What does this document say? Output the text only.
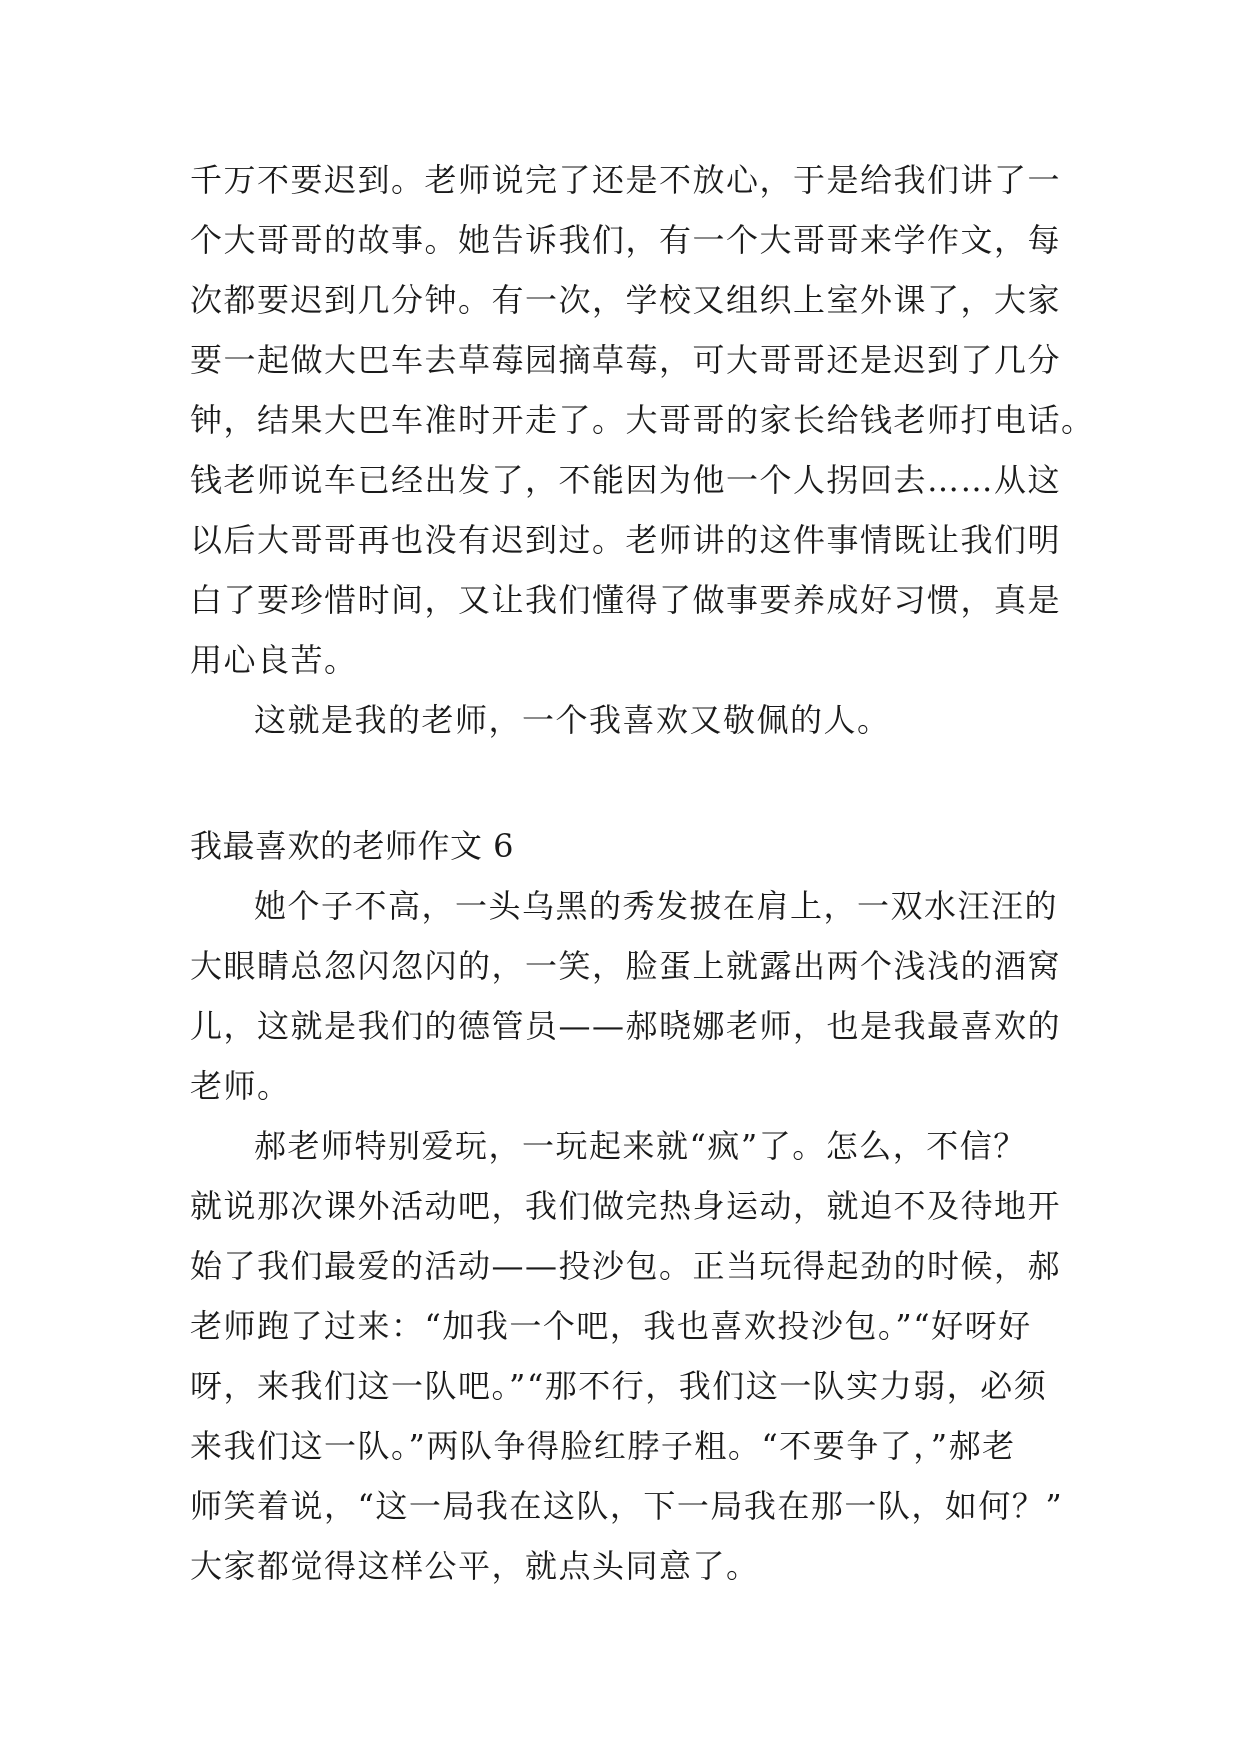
千万不要迟到。老师说完了还是不放心，于是给我们讲了一
个大哥哥的故事。她告诉我们，有一个大哥哥来学作文，每
次都要迟到几分钟。有一次，学校又组织上室外课了，大家
要一起做大巴车去草莓园摘草莓，可大哥哥还是迟到了几分
钟，结果大巴车准时开走了。大哥哥的家长给钱老师打电话。
钱老师说车已经出发了，不能因为他一个人拐回去……从这
以后大哥哥再也没有迟到过。老师讲的这件事情既让我们明
白了要珍惜时间，又让我们懂得了做事要养成好习惯，真是
用心良苦。
这就是我的老师，一个我喜欢又敬佩的人。
我最喜欢的老师作文 6
她个子不高，一头乌黑的秀发披在肩上，一双水汪汪的
大眼睛总忽闪忽闪的，一笑，脸蛋上就露出两个浅浅的酒窝
儿，这就是我们的德管员——郝晓娜老师，也是我最喜欢的
老师。
郝老师特别爱玩，一玩起来就“疯”了。怎么，不信？
就说那次课外活动吧，我们做完热身运动，就迫不及待地开
始了我们最爱的活动——投沙包。正当玩得起劲的时候，郝
老师跑了过来：“加我一个吧，我也喜欢投沙包。”“好呀好
呀，来我们这一队吧。”“那不行，我们这一队实力弱，必须
来我们这一队。”两队争得脸红脖子粗。“不要争了，”郝老
师笑着说，“这一局我在这队，下一局我在那一队，如何？”
大家都觉得这样公平，就点头同意了。
